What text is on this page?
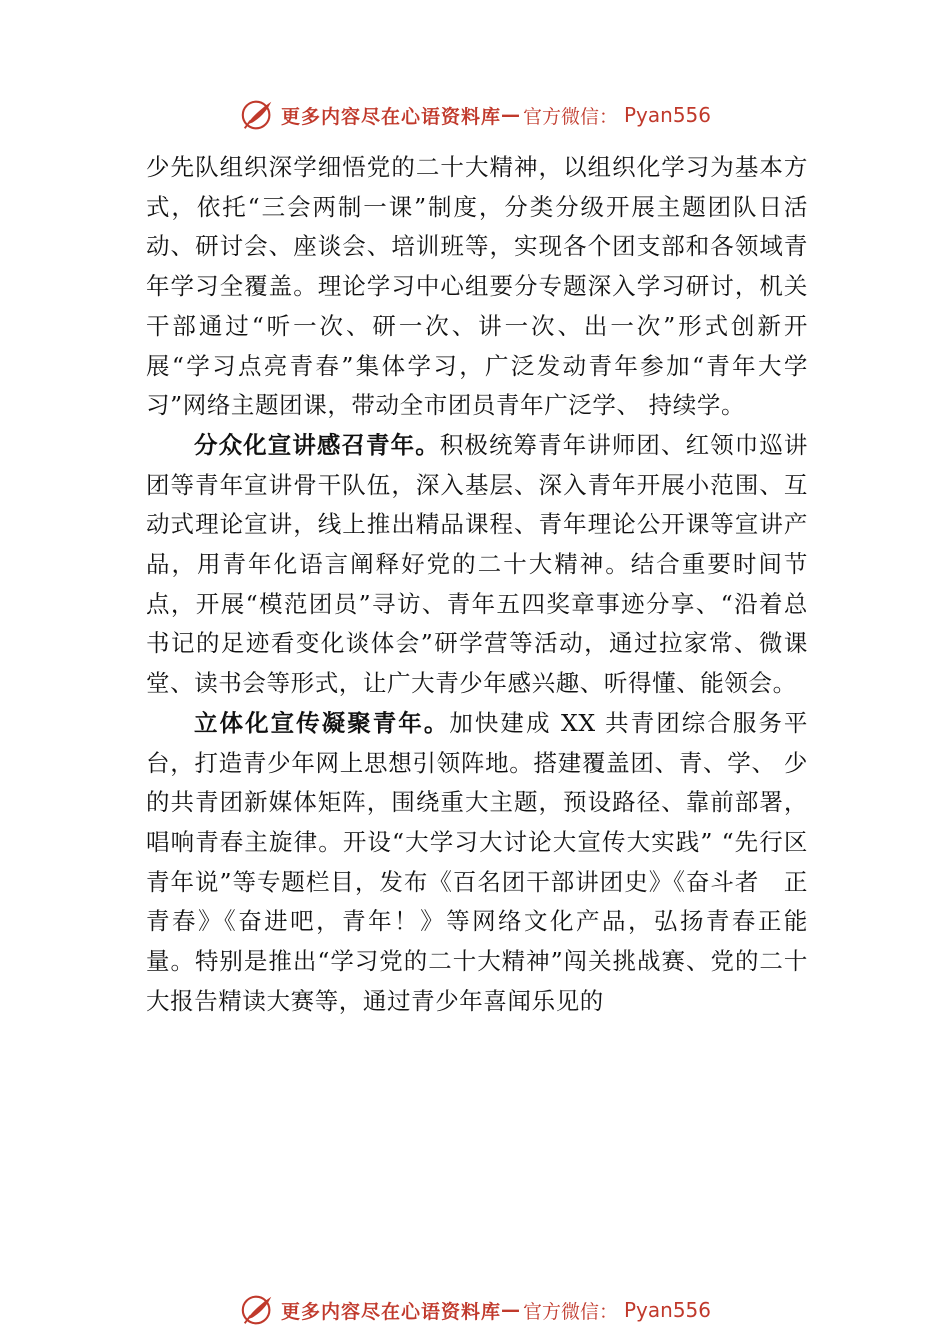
更多内容尽在心语资料库 — 官方微信： Pyan556

少先队组织深学细悟党的二十大精神，以组织化学习为基本方式，依托“三会两制一课”制度，分类分级开展主题团队日活动、研讨会、座谈会、培训班等，实现各个团支部和各领域青年学习全覆盖。理论学习中心组要分专题深入学习研讨，机关干部通过“听一次、研一次、讲一次、出一次”形式创新开展“学习点亮青春”集体学习，广泛发动青年参加“青年大学习”网络主题团课，带动全市团员青年广泛学、 持续学。

分众化宣讲感召青年。积极统筹青年讲师团、红领巾巡讲团等青年宣讲骨干队伍，深入基层、深入青年开展小范围、互动式理论宣讲，线上推出精品课程、青年理论公开课等宣讲产品，用青年化语言阐释好党的二十大精神。结合重要时间节点，开展“模范团员”寻访、青年五四奖章事迹分享、“沿着总书记的足迹看变化谈体会”研学营等活动，通过拉家常、微课堂、读书会等形式，让广大青少年感兴趣、听得懂、能领会。

立体化宣传凝聚青年。加快建成 XX 共青团综合服务平台，打造青少年网上思想引领阵地。搭建覆盖团、青、学、 少的共青团新媒体矩阵，围绕重大主题，预设路径、靠前部署，唱响青春主旋律。开设“大学习大讨论大宣传大实践” “先行区青年说”等专题栏目，发布《百名团干部讲团史》《奋斗者　正青春》《奋进吧，青年！》等网络文化产品，弘扬青春正能量。特别是推出“学习党的二十大精神”闯关挑战赛、党的二十大报告精读大赛等，通过青少年喜闻乐见的

更多内容尽在心语资料库 — 官方微信： Pyan556
